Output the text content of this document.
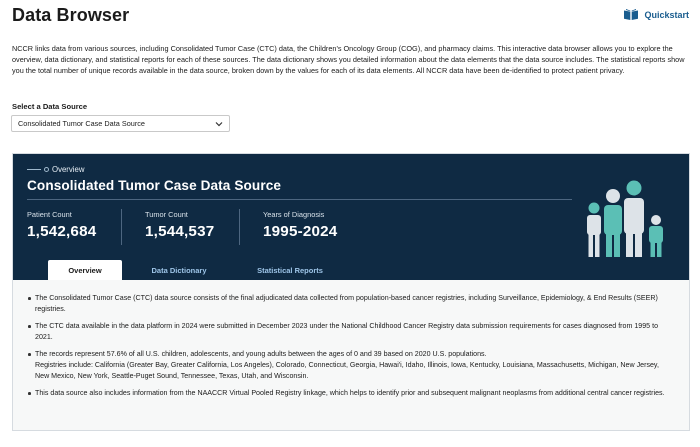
Data Browser	Quickstart

NCCR links data from various sources, including Consolidated Tumor Case (CTC) data, the Children's Oncology Group (COG), and pharmacy claims. This interactive data browser allows you to explore the overview, data dictionary, and statistical reports for each of these sources. The data dictionary shows you detailed information about the data elements that the data source includes. The statistical reports show you the total number of unique records available in the data source, broken down by the values for each of its data elements. All NCCR data have been de-identified to protect patient privacy.

Select a Data Source
Consolidated Tumor Case Data Source
Overview
Consolidated Tumor Case Data Source
Patient Count
1,542,684
Tumor Count
1,544,537
Years of Diagnosis
1995-2024
Overview	Data Dictionary	Statistical Reports

The Consolidated Tumor Case (CTC) data source consists of the final adjudicated data collected from population-based cancer registries, including Surveillance, Epidemiology, & End Results (SEER) registries.

The CTC data available in the data platform in 2024 were submitted in December 2023 under the National Childhood Cancer Registry data submission requirements for cases diagnosed from 1995 to 2021.

The records represent 57.6% of all U.S. children, adolescents, and young adults between the ages of 0 and 39 based on 2020 U.S. populations.
Registries include: California (Greater Bay, Greater California, Los Angeles), Colorado, Connecticut, Georgia, Hawai'i, Idaho, Illinois, Iowa, Kentucky, Louisiana, Massachusetts, Michigan, New Jersey, New Mexico, New York, Seattle-Puget Sound, Tennessee, Texas, Utah, and Wisconsin.

This data source also includes information from the NAACCR Virtual Pooled Registry linkage, which helps to identify prior and subsequent malignant neoplasms from additional central cancer registries.
